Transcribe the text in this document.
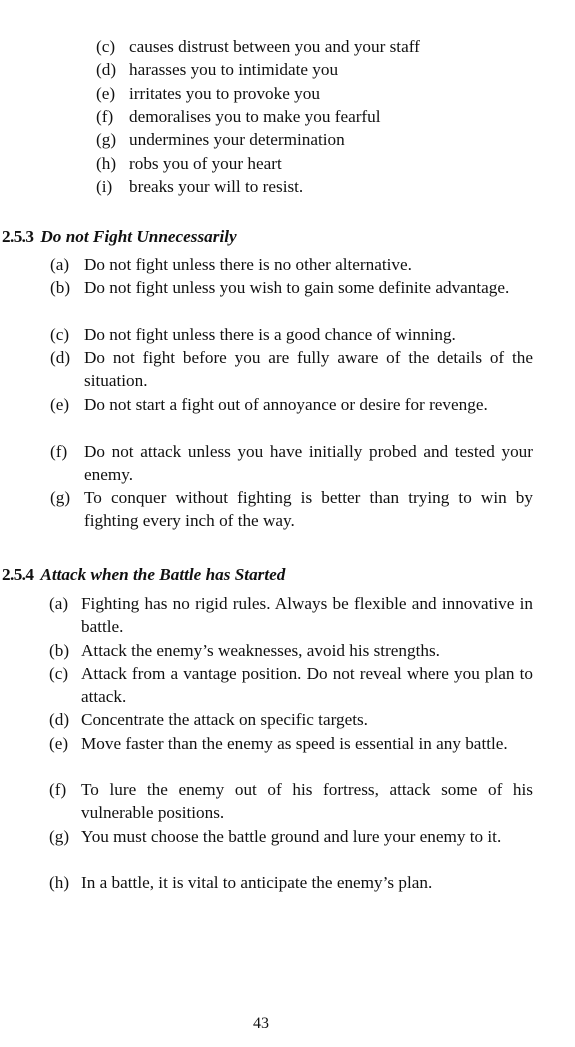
(c) causes distrust between you and your staff
(d) harasses you to intimidate you
(e) irritates you to provoke you
(f) demoralises you to make you fearful
(g) undermines your determination
(h) robs you of your heart
(i) breaks your will to resist.
2.5.3 Do not Fight Unnecessarily
(a) Do not fight unless there is no other alternative.
(b) Do not fight unless you wish to gain some definite advantage.
(c) Do not fight unless there is a good chance of winning.
(d) Do not fight before you are fully aware of the details of the situation.
(e) Do not start a fight out of annoyance or desire for revenge.
(f) Do not attack unless you have initially probed and tested your enemy.
(g) To conquer without fighting is better than trying to win by fighting every inch of the way.
2.5.4 Attack when the Battle has Started
(a) Fighting has no rigid rules. Always be flexible and innovative in battle.
(b) Attack the enemy’s weaknesses, avoid his strengths.
(c) Attack from a vantage position. Do not reveal where you plan to attack.
(d) Concentrate the attack on specific targets.
(e) Move faster than the enemy as speed is essential in any battle.
(f) To lure the enemy out of his fortress, attack some of his vulnerable positions.
(g) You must choose the battle ground and lure your enemy to it.
(h) In a battle, it is vital to anticipate the enemy’s plan.
43
